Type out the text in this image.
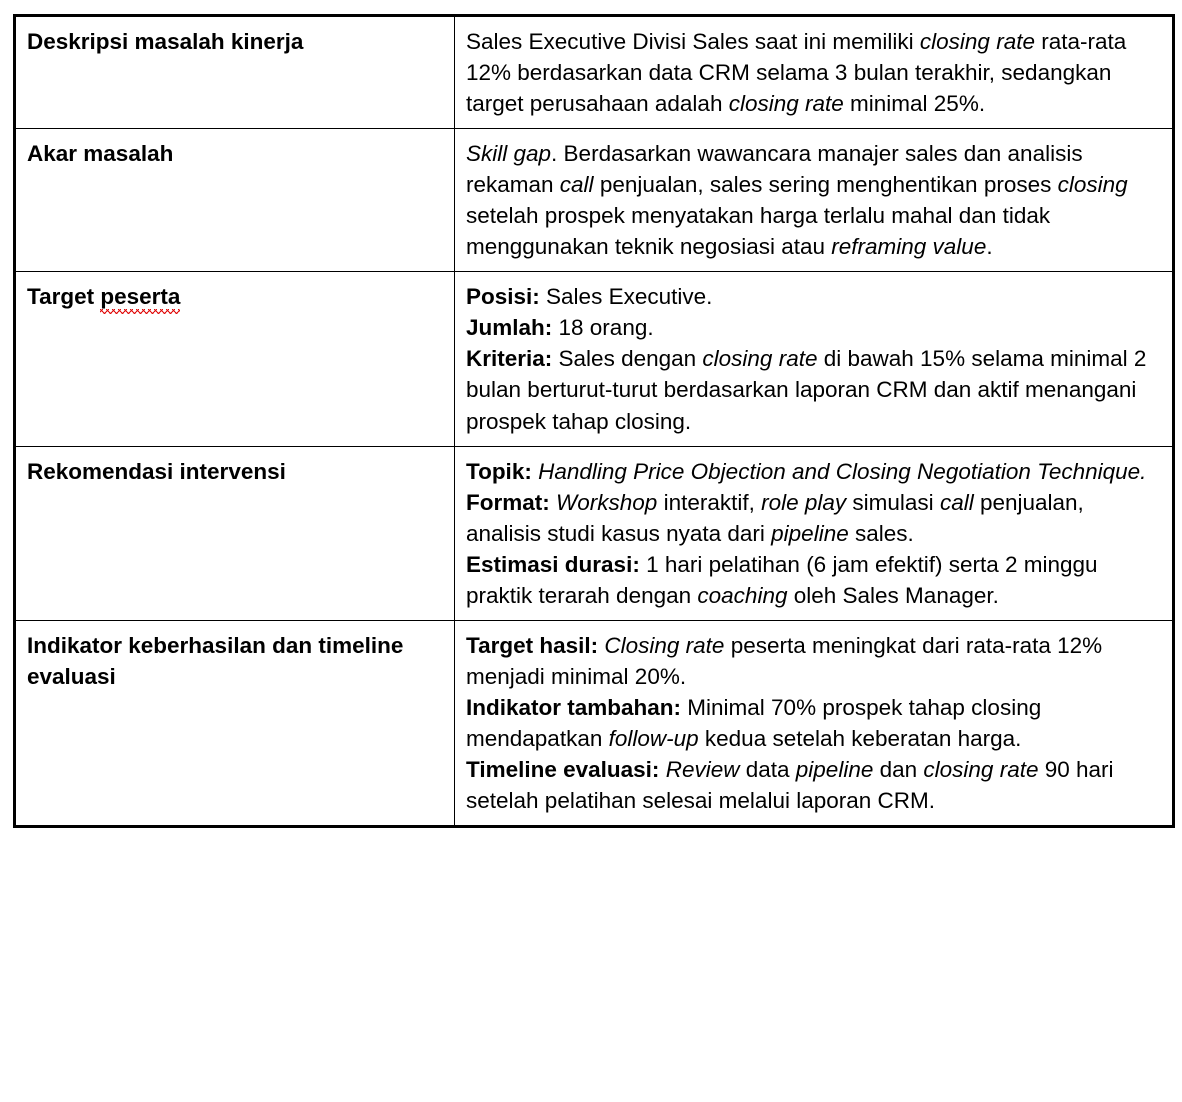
Deskripsi masalah kinerja	Sales Executive Divisi Sales saat ini memiliki closing rate rata-rata 12% berdasarkan data CRM selama 3 bulan terakhir, sedangkan target perusahaan adalah closing rate minimal 25%.
Akar masalah	Skill gap. Berdasarkan wawancara manajer sales dan analisis rekaman call penjualan, sales sering menghentikan proses closing setelah prospek menyatakan harga terlalu mahal dan tidak menggunakan teknik negosiasi atau reframing value.
Target peserta	Posisi: Sales Executive.
Jumlah: 18 orang.
Kriteria: Sales dengan closing rate di bawah 15% selama minimal 2 bulan berturut-turut berdasarkan laporan CRM dan aktif menangani prospek tahap closing.
Rekomendasi intervensi	Topik: Handling Price Objection and Closing Negotiation Technique.
Format: Workshop interaktif, role play simulasi call penjualan, analisis studi kasus nyata dari pipeline sales.
Estimasi durasi: 1 hari pelatihan (6 jam efektif) serta 2 minggu praktik terarah dengan coaching oleh Sales Manager.
Indikator keberhasilan dan timeline evaluasi	Target hasil: Closing rate peserta meningkat dari rata-rata 12% menjadi minimal 20%.
Indikator tambahan: Minimal 70% prospek tahap closing mendapatkan follow-up kedua setelah keberatan harga.
Timeline evaluasi: Review data pipeline dan closing rate 90 hari setelah pelatihan selesai melalui laporan CRM.
